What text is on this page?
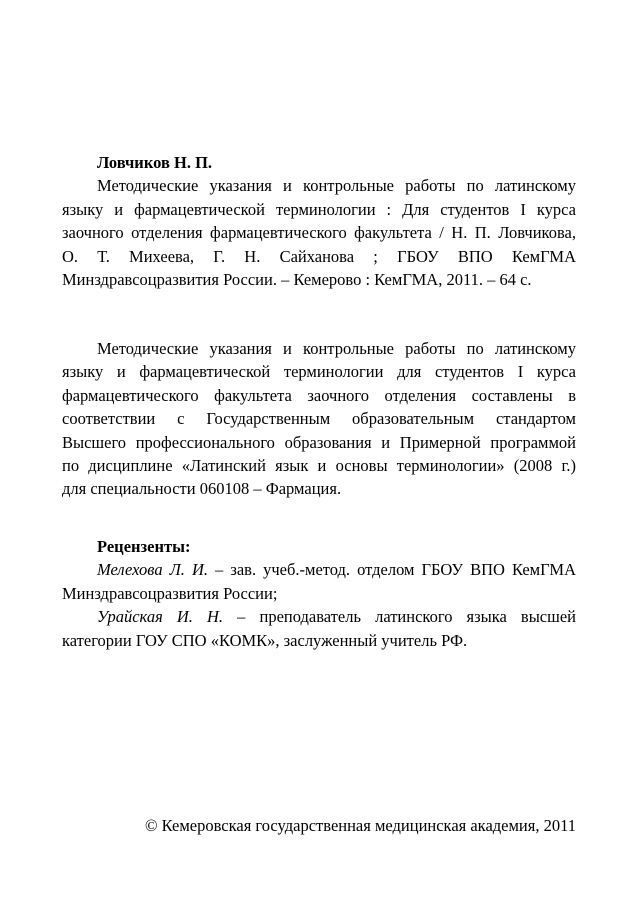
Ловчиков Н. П.
Методические указания и контрольные работы по латинскому
языку и фармацевтической терминологии : Для студентов I курса
заочного отделения фармацевтического факультета / Н. П. Ловчикова,
О. Т. Михеева, Г. Н. Сайханова ; ГБОУ ВПО КемГМА
Минздравсоцразвития России. – Кемерово : КемГМА, 2011. – 64 с.
Методические указания и контрольные работы по латинскому
языку и фармацевтической терминологии для студентов I курса
фармацевтического факультета заочного отделения составлены в
соответствии с Государственным образовательным стандартом
Высшего профессионального образования и Примерной программой
по дисциплине «Латинский язык и основы терминологии» (2008 г.)
для специальности 060108 – Фармация.
Рецензенты:
Мелехова Л. И. – зав. учеб.-метод. отделом ГБОУ ВПО КемГМА
Минздравсоцразвития России;
Урайская И. Н. – преподаватель латинского языка высшей
категории ГОУ СПО «КОМК», заслуженный учитель РФ.
© Кемеровская государственная медицинская академия, 2011
